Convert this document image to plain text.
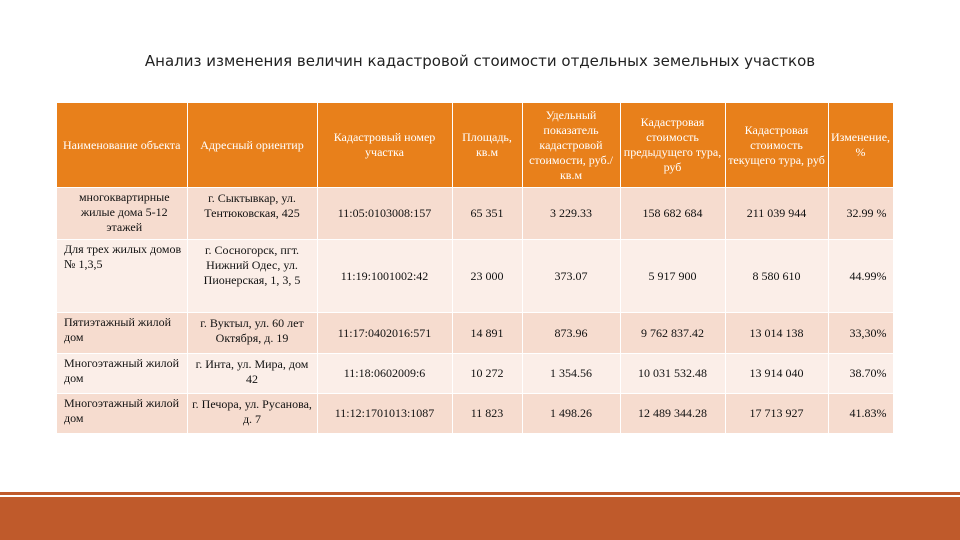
Анализ изменения величин кадастровой стоимости отдельных земельных участков
Наименование объекта	Адресный ориентир	Кадастровый номер участка	Площадь, кв.м	Удельный показатель кадастровой стоимости, руб./кв.м	Кадастровая стоимость предыдущего тура, руб	Кадастровая стоимость текущего тура, руб	Изменение, %
многоквартирные жилые дома 5-12 этажей	г. Сыктывкар, ул. Тентюковская, 425	11:05:0103008:157	65 351	3 229.33	158 682 684	211 039 944	32.99 %
Для трех жилых домов № 1,3,5	г. Сосногорск, пгт. Нижний Одес, ул. Пионерская, 1, 3, 5	11:19:1001002:42	23 000	373.07	5 917 900	8 580 610	44.99%
Пятиэтажный жилой дом	г. Вуктыл, ул. 60 лет Октября, д. 19	11:17:0402016:571	14 891	873.96	9 762 837.42	13 014 138	33,30%
Многоэтажный жилой дом	г. Инта, ул. Мира, дом 42	11:18:0602009:6	10 272	1 354.56	10 031 532.48	13 914 040	38.70%
Многоэтажный жилой дом	г. Печора, ул. Русанова, д. 7	11:12:1701013:1087	11 823	1 498.26	12 489 344.28	17 713 927	41.83%
